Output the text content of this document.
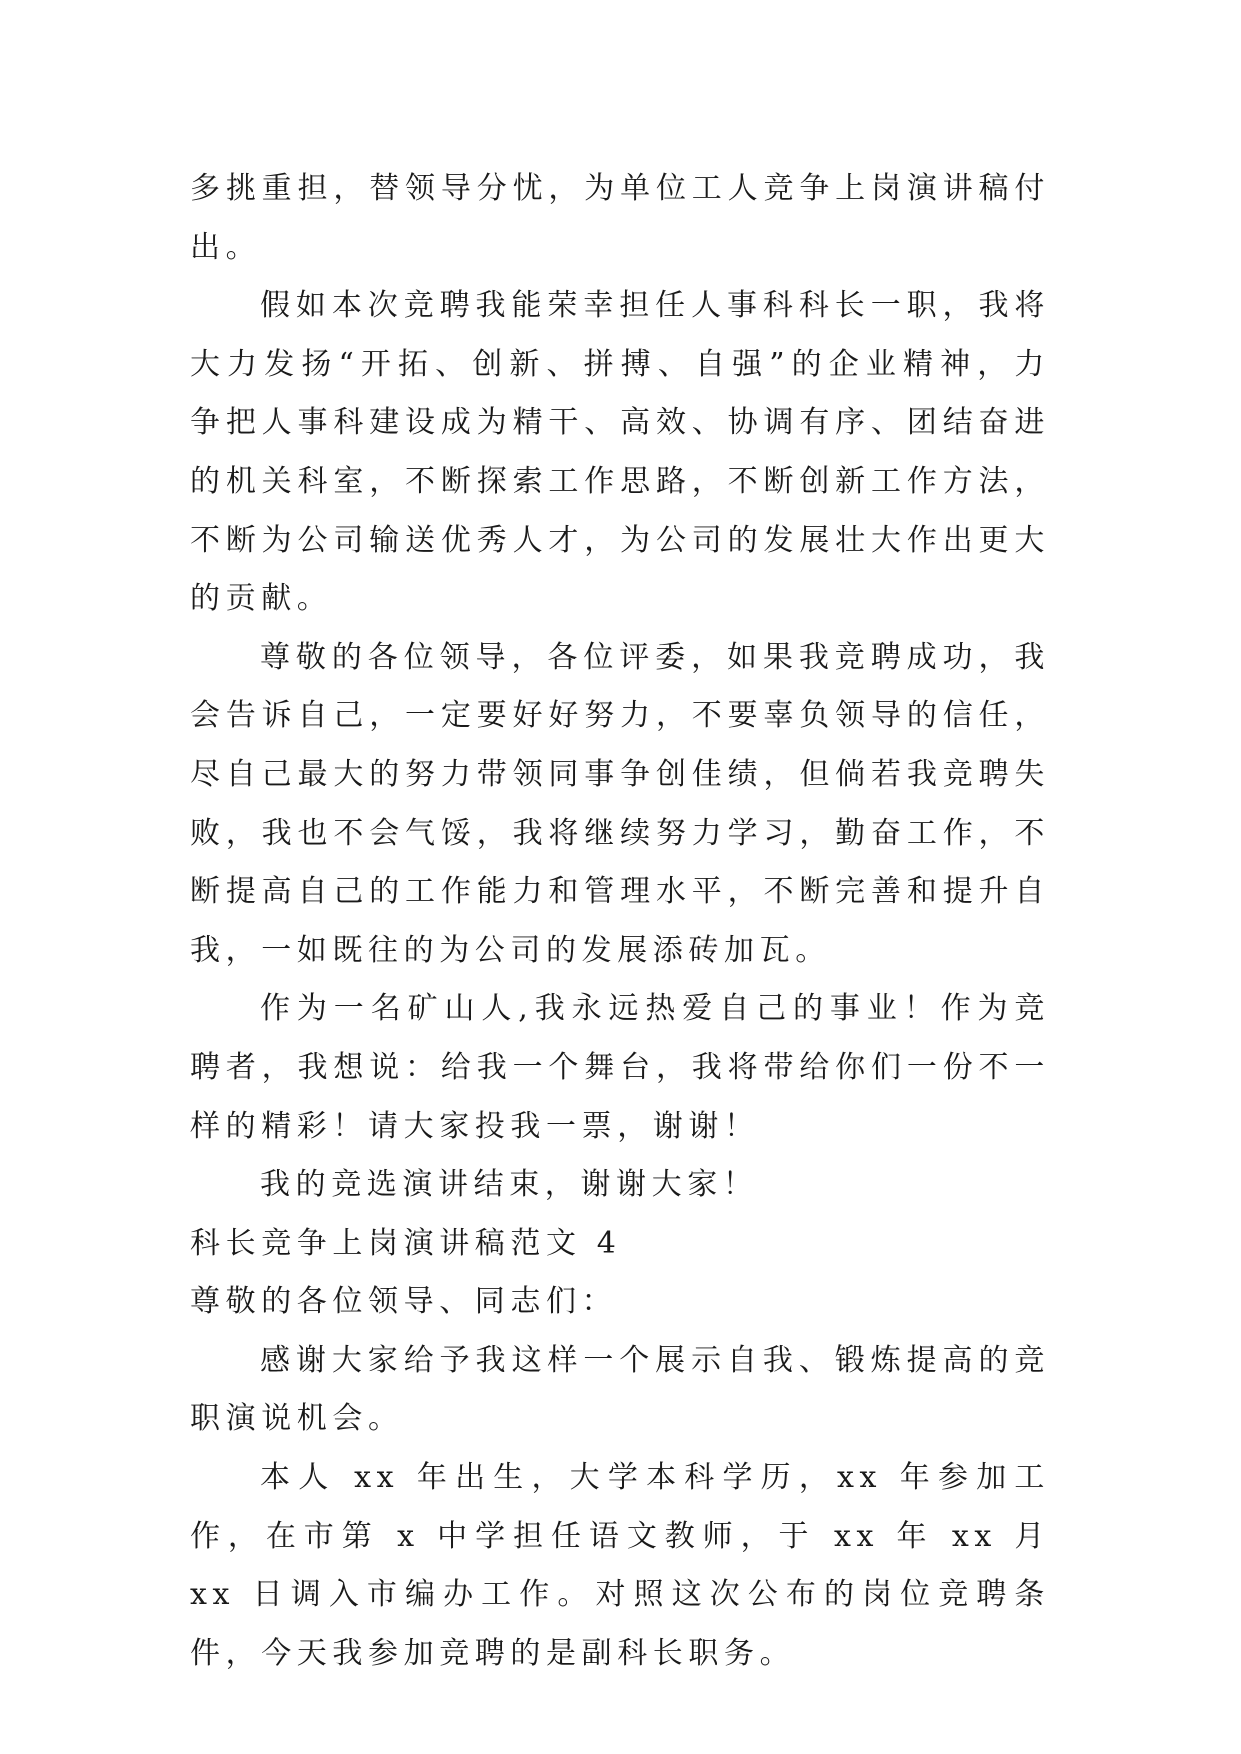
多挑重担，替领导分忧，为单位工人竞争上岗演讲稿付出。

假如本次竞聘我能荣幸担任人事科科长一职，我将大力发扬“开拓、创新、拼搏、自强”的企业精神，力争把人事科建设成为精干、高效、协调有序、团结奋进的机关科室，不断探索工作思路，不断创新工作方法，不断为公司输送优秀人才，为公司的发展壮大作出更大的贡献。

尊敬的各位领导，各位评委，如果我竞聘成功，我会告诉自己，一定要好好努力，不要辜负领导的信任，尽自己最大的努力带领同事争创佳绩，但倘若我竞聘失败，我也不会气馁，我将继续努力学习，勤奋工作，不断提高自己的工作能力和管理水平，不断完善和提升自我，一如既往的为公司的发展添砖加瓦。

作为一名矿山人,我永远热爱自己的事业！作为竞聘者，我想说：给我一个舞台，我将带给你们一份不一样的精彩！请大家投我一票，谢谢！

我的竞选演讲结束，谢谢大家！

科长竞争上岗演讲稿范文 4

尊敬的各位领导、同志们：

感谢大家给予我这样一个展示自我、锻炼提高的竞职演说机会。

本人 xx 年出生，大学本科学历，xx 年参加工作，在市第 x 中学担任语文教师，于 xx 年 xx 月 xx 日调入市编办工作。对照这次公布的岗位竞聘条件，今天我参加竞聘的是副科长职务。
